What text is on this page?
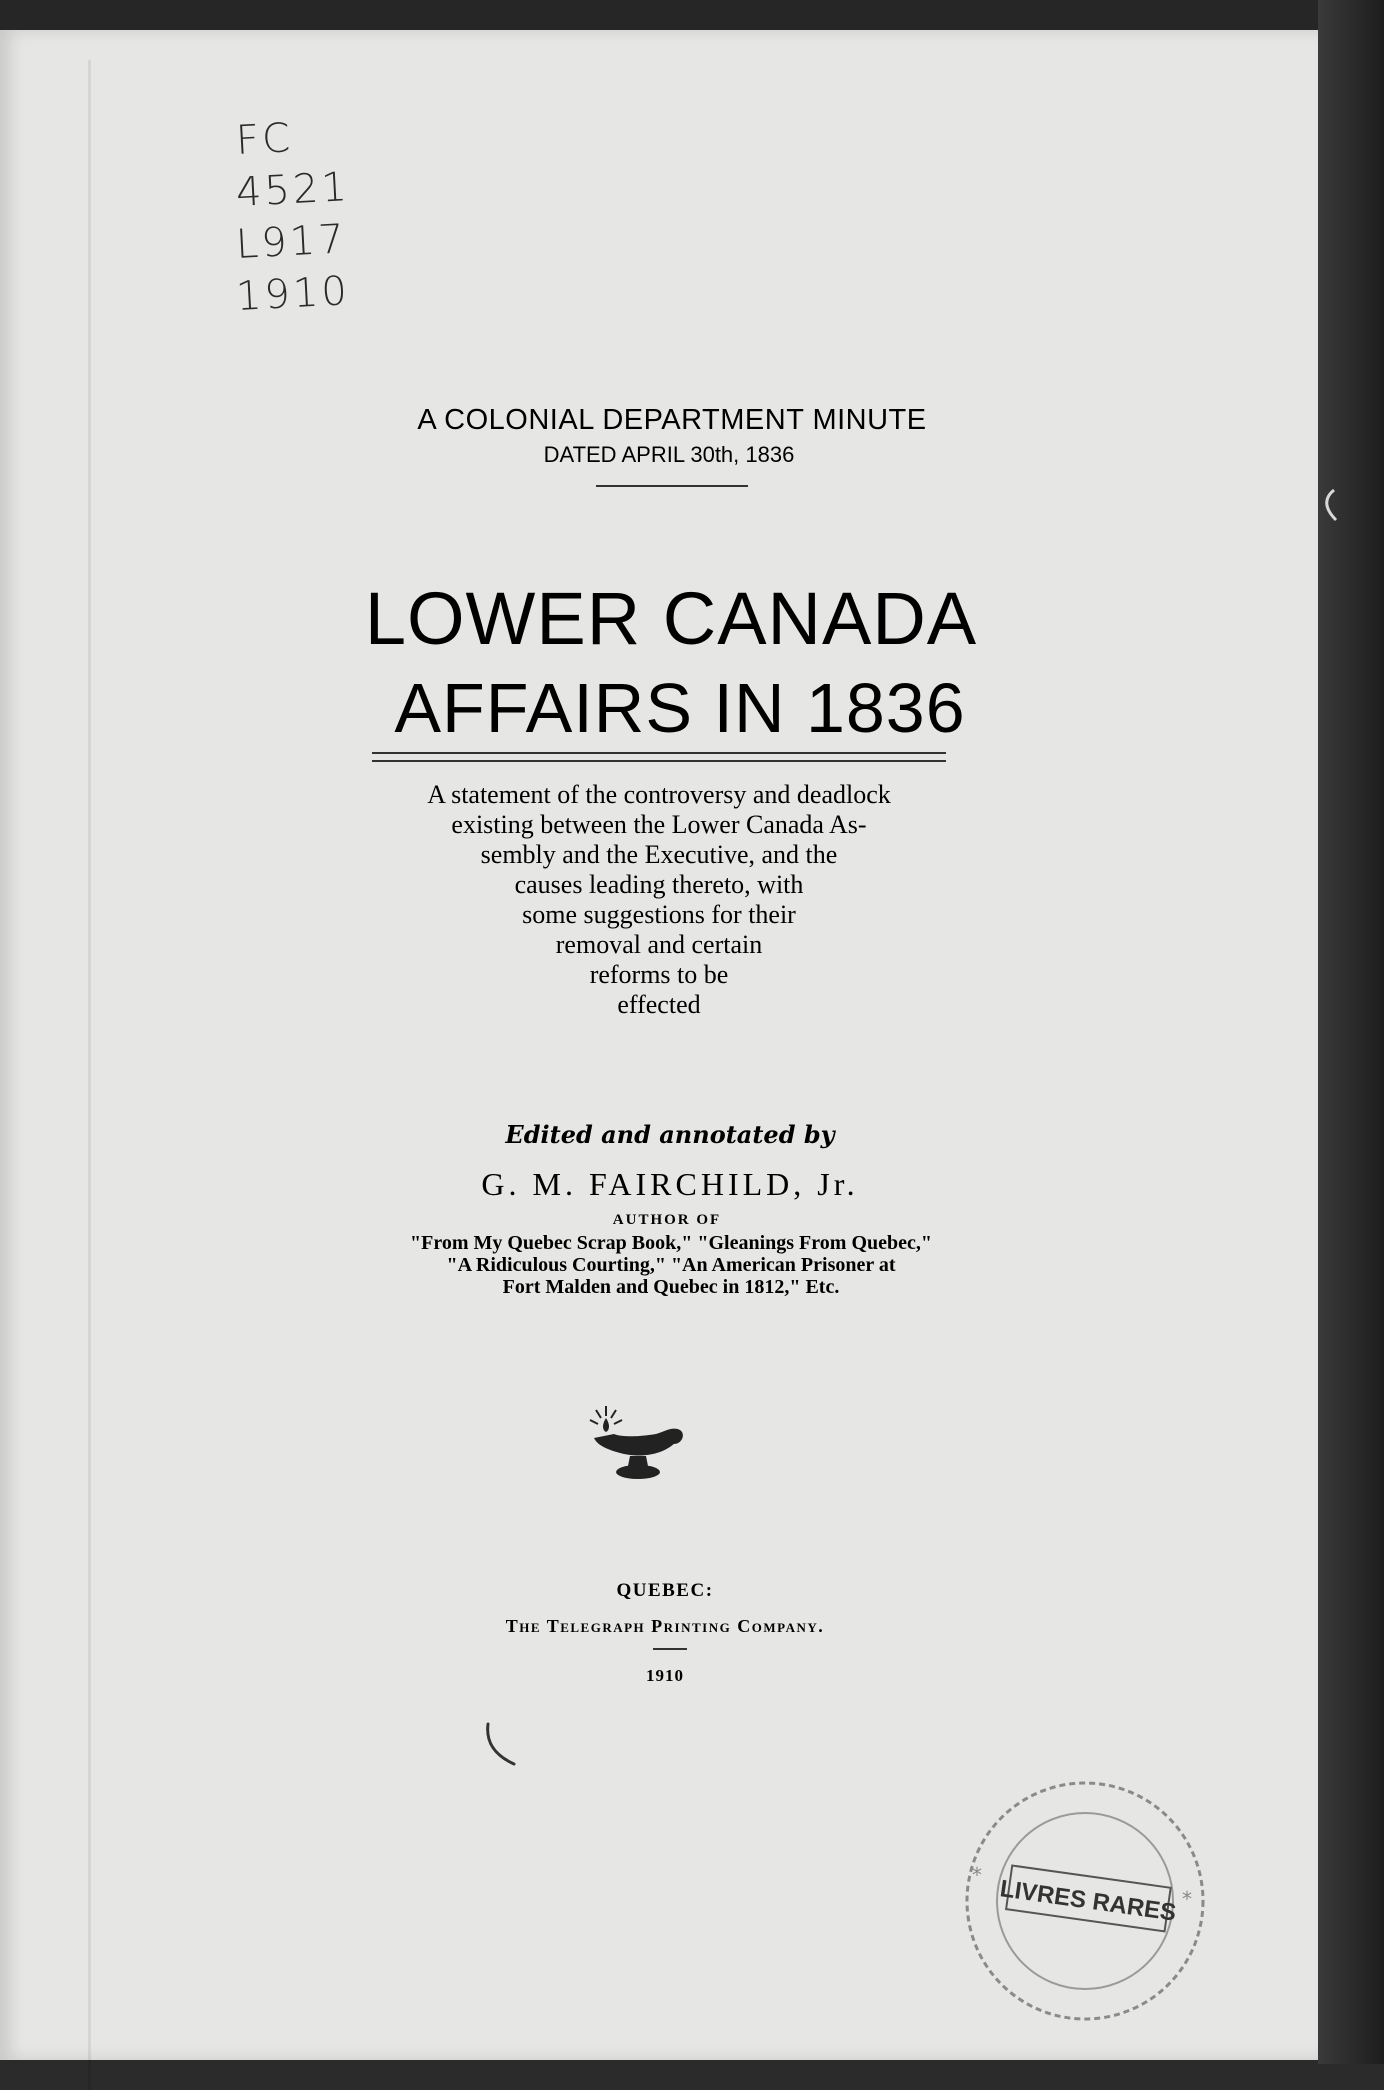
FC
4521
L917
1910
A COLONIAL DEPARTMENT MINUTE
DATED APRIL 30th, 1836
LOWER CANADA
AFFAIRS IN 1836
A statement of the controversy and deadlock
existing between the Lower Canada As-
sembly and the Executive, and the
causes leading thereto, with
some suggestions for their
removal and certain
reforms to be
effected
Edited and annotated by
G. M. FAIRCHILD, Jr.
AUTHOR OF
"From My Quebec Scrap Book," "Gleanings From Quebec,"
"A Ridiculous Courting," "An American Prisoner at
Fort Malden and Quebec in 1812," Etc.
QUEBEC:
The Telegraph Printing Company.
1910
*
*
LIVRES RARES
